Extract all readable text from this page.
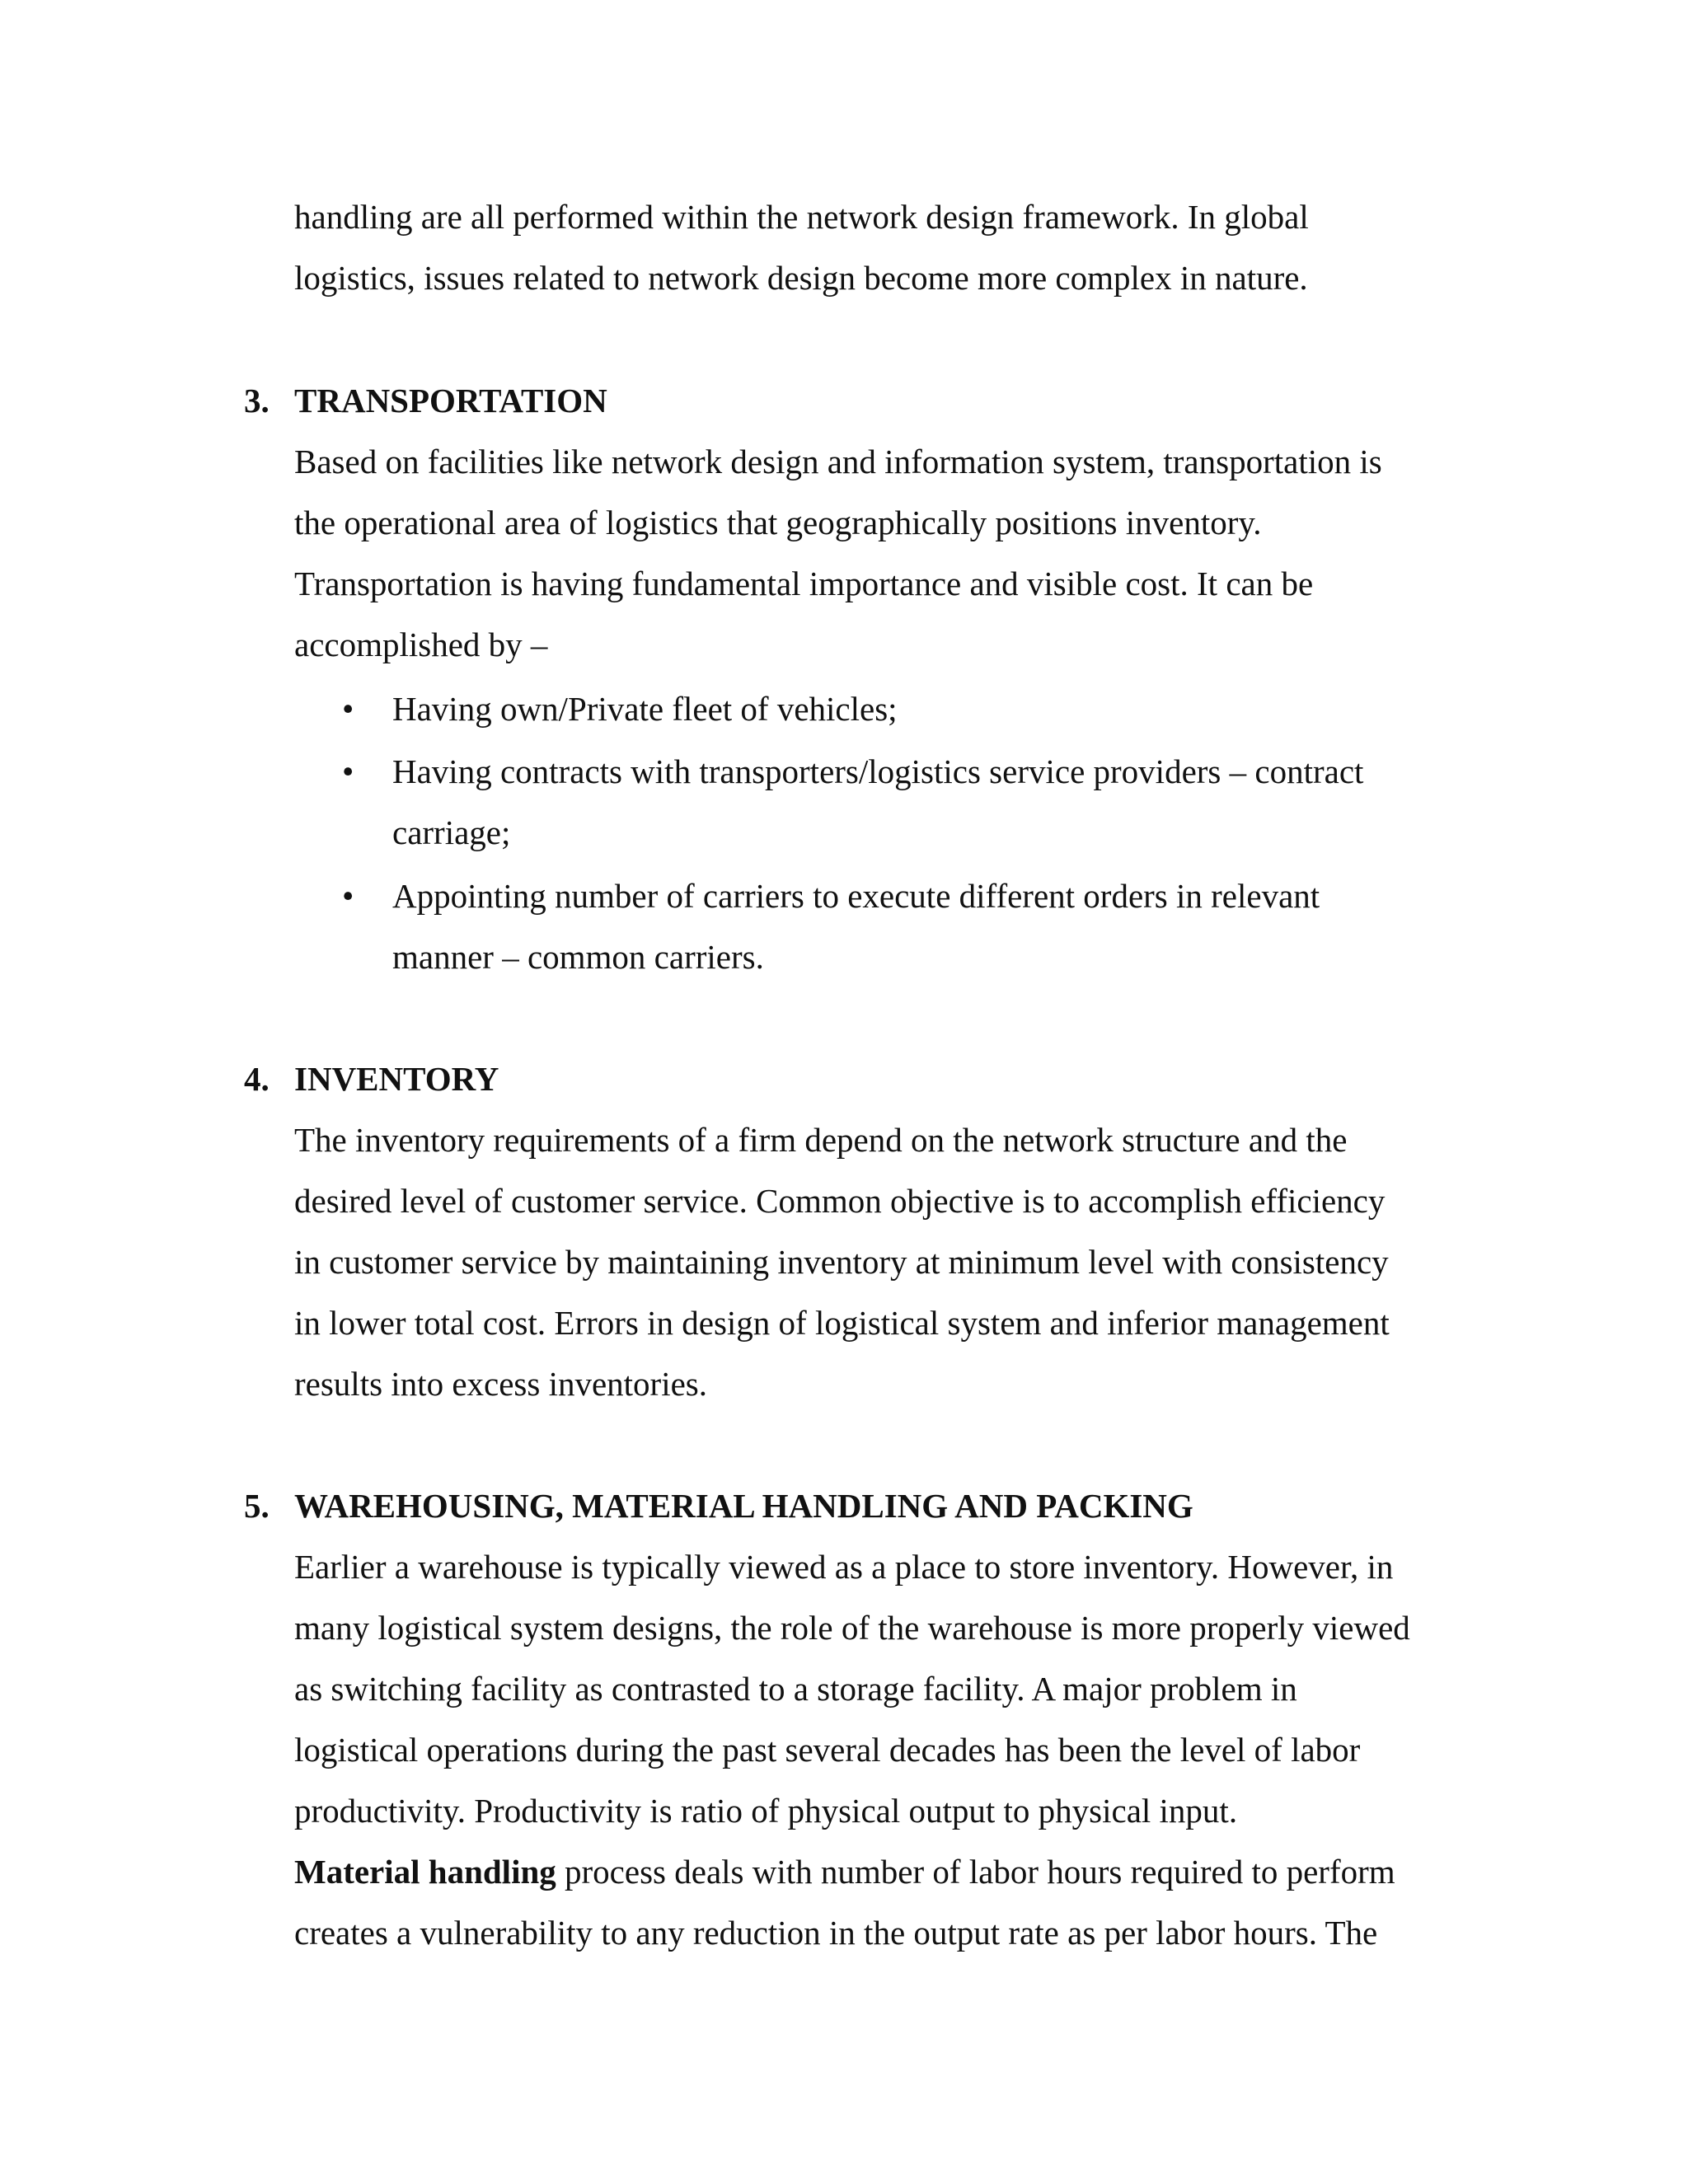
handling are all performed within the network design framework. In global
logistics, issues related to network design become more complex in nature.
3. TRANSPORTATION
Based on facilities like network design and information system, transportation is
the operational area of logistics that geographically positions inventory.
Transportation is having fundamental importance and visible cost. It can be
accomplished by –
• Having own/Private fleet of vehicles;
• Having contracts with transporters/logistics service providers – contract
carriage;
• Appointing number of carriers to execute different orders in relevant
manner – common carriers.
4. INVENTORY
The inventory requirements of a firm depend on the network structure and the
desired level of customer service. Common objective is to accomplish efficiency
in customer service by maintaining inventory at minimum level with consistency
in lower total cost. Errors in design of logistical system and inferior management
results into excess inventories.
5. WAREHOUSING, MATERIAL HANDLING AND PACKING
Earlier a warehouse is typically viewed as a place to store inventory. However, in
many logistical system designs, the role of the warehouse is more properly viewed
as switching facility as contrasted to a storage facility. A major problem in
logistical operations during the past several decades has been the level of labor
productivity. Productivity is ratio of physical output to physical input.
Material handling process deals with number of labor hours required to perform
creates a vulnerability to any reduction in the output rate as per labor hours. The
